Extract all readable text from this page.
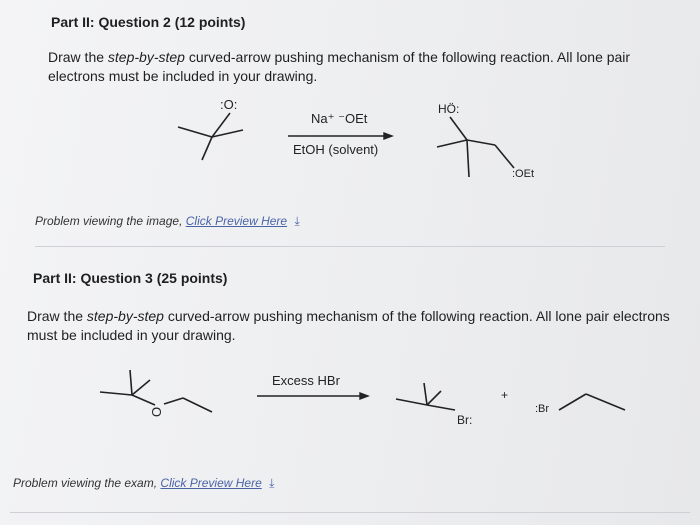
Part II: Question 2 (12 points)
Draw the step-by-step curved-arrow pushing mechanism of the following reaction. All lone pair electrons must be included in your drawing.
:O:
Na⁺ ⁻OEt
EtOH (solvent)
HÖ:
:OEt
O
Excess HBr
Br:
+
:Br
Problem viewing the image, Click Preview Here ⤓
Part II: Question 3 (25 points)
Draw the step-by-step curved-arrow pushing mechanism of the following reaction. All lone pair electrons must be included in your drawing.
Problem viewing the exam, Click Preview Here ⤓
